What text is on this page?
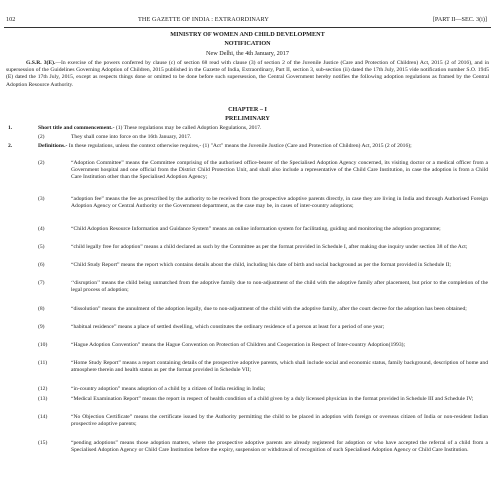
102	THE GAZETTE OF INDIA : EXTRAORDINARY	[PART II—SEC. 3(i)]
MINISTRY OF WOMEN AND CHILD DEVELOPMENT
NOTIFICATION
New Delhi, the 4th January, 2017
G.S.R. 3(E).—In exercise of the powers conferred by clause (c) of section 68 read with clause (3) of section 2 of the Juvenile Justice (Care and Protection of Children) Act, 2015 (2 of 2016), and in supersession of the Guidelines Governing Adoption of Children, 2015 published in the Gazette of India, Extraordinary, Part II, section 3, sub-section (ii) dated the 17th July, 2015 vide notification number S.O. 1945 (E) dated the 17th July, 2015, except as respects things done or omitted to be done before such supersession, the Central Government hereby notifies the following adoption regulations as framed by the Central Adoption Resource Authority.
CHAPTER – I
PRELIMINARY
1.	Short title and commencement.- (1) These regulations may be called Adoption Regulations, 2017.
(2)	They shall come into force on the 16th January, 2017.
2.	Definitions.- In these regulations, unless the context otherwise requires,- (1) "Act" means the Juvenile Justice (Care and Protection of Children) Act, 2015 (2 of 2016);
(2)	“Adoption Committee” means the Committee comprising of the authorised office-bearer of the Specialised Adoption Agency concerned, its visiting doctor or a medical officer from a Government hospital and one official from the District Child Protection Unit, and shall also include a representative of the Child Care Institution, in case the adoption is from a Child Care Institution other than the Specialised Adoption Agency;
(3)	“adoption fee” means the fee as prescribed by the authority to be received from the prospective adoptive parents directly, in case they are living in India and through Authorised Foreign Adoption Agency or Central Authority or the Government department, as the case may be, in cases of inter-country adoptions;
(4)	“Child Adoption Resource Information and Guidance System” means an online information system for facilitating, guiding and monitoring the adoption programme;
(5)	“child legally free for adoption” means a child declared as such by the Committee as per the format provided in Schedule I, after making due inquiry under section 38 of the Act;
(6)	“Child Study Report” means the report which contains details about the child, including his date of birth and social background as per the format provided in Schedule II;
(7)	‘‘disruption’’ means the child being unmatched from the adoptive family due to non-adjustment of the child with the adoptive family after placement, but prior to the completion of the legal process of adoption;
(8)	“dissolution” means the annulment of the adoption legally, due to non-adjustment of the child with the adoptive family, after the court decree for the adoption has been obtained;
(9)	“habitual residence” means a place of settled dwelling, which constitutes the ordinary residence of a person at least for a period of one year;
(10)	“Hague Adoption Convention” means the Hague Convention on Protection of Children and Cooperation in Respect of Inter-country Adoption(1993);
(11)	“Home Study Report” means a report containing details of the prospective adoptive parents, which shall include social and economic status, family background, description of home and atmosphere therein and health status as per the format provided in Schedule VII;
(12)	“in-country adoption” means adoption of a child by a citizen of India residing in India;
(13)	“Medical Examination Report” means the report in respect of health condition of a child given by a duly licensed physician in the format provided in Schedule III and Schedule IV;
(14)	“No Objection Certificate” means the certificate issued by the Authority permitting the child to be placed in adoption with foreign or overseas citizen of India or non-resident Indian prospective adoptive parents;
(15)	“pending adoptions” means those adoption matters, where the prospective adoptive parents are already registered for adoption or who have accepted the referral of a child from a Specialised Adoption Agency or Child Care Institution before the expiry, suspension or withdrawal of recognition of such Specialised Adoption Agency or Child Care Institution.
